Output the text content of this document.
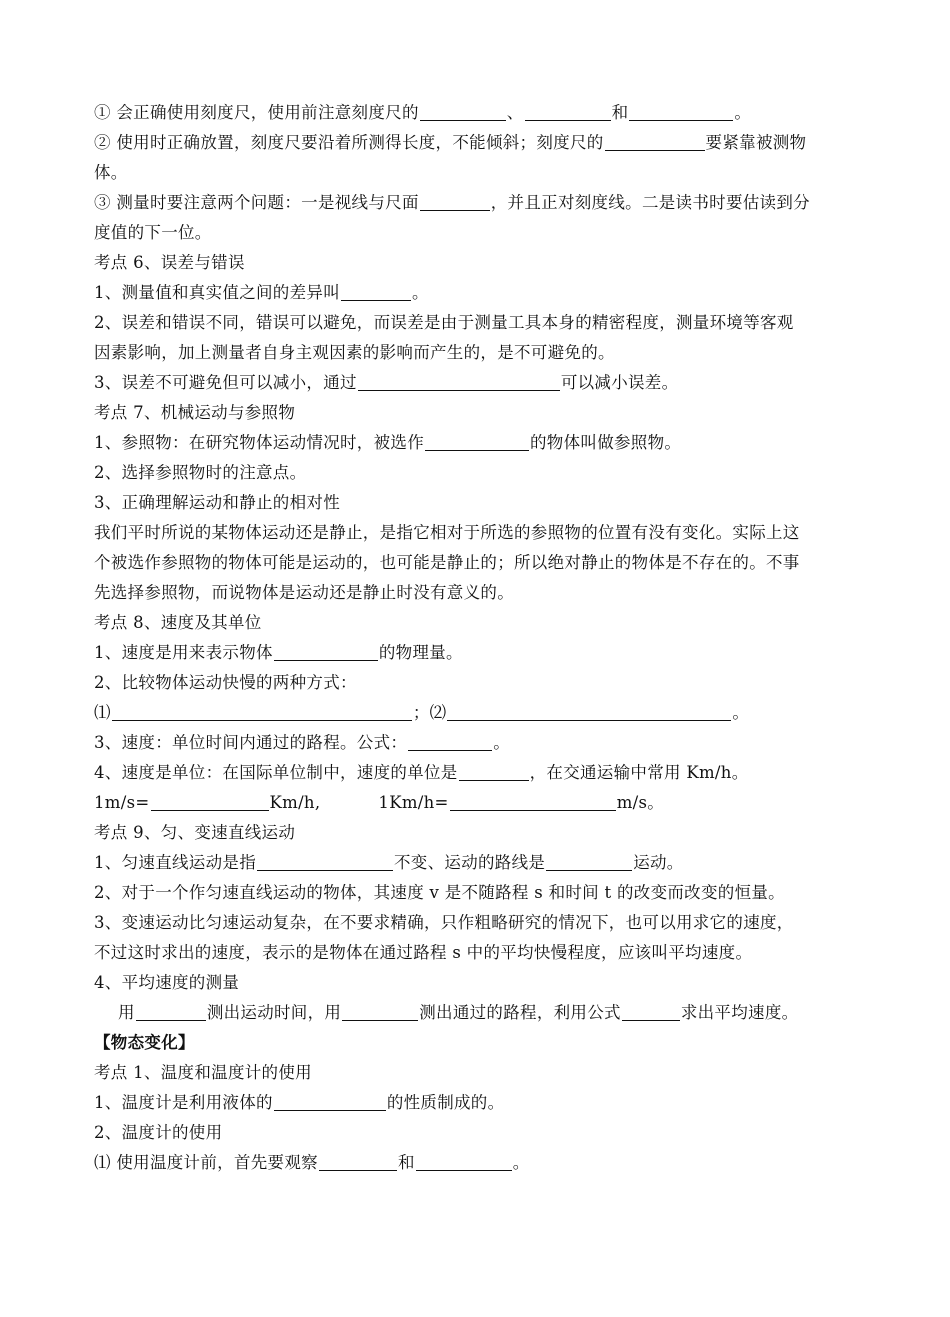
① 会正确使用刻度尺，使用前注意刻度尺的	、	和	。
② 使用时正确放置，刻度尺要沿着所测得长度，不能倾斜；刻度尺的	要紧靠被测物
体。
③ 测量时要注意两个问题：一是视线与尺面	，并且正对刻度线。二是读书时要估读到分
度值的下一位。
考点 6、误差与错误
1、测量值和真实值之间的差异叫	。
2、误差和错误不同，错误可以避免，而误差是由于测量工具本身的精密程度，测量环境等客观
因素影响，加上测量者自身主观因素的影响而产生的，是不可避免的。
3、误差不可避免但可以减小，通过	可以减小误差。
考点 7、机械运动与参照物
1、参照物：在研究物体运动情况时，被选作	的物体叫做参照物。
2、选择参照物时的注意点。
3、正确理解运动和静止的相对性
我们平时所说的某物体运动还是静止，是指它相对于所选的参照物的位置有没有变化。实际上这
个被选作参照物的物体可能是运动的，也可能是静止的；所以绝对静止的物体是不存在的。不事
先选择参照物，而说物体是运动还是静止时没有意义的。
考点 8、速度及其单位
1、速度是用来表示物体	的物理量。
2、比较物体运动快慢的两种方式：
⑴	；⑵	。
3、速度：单位时间内通过的路程。公式：	。
4、速度是单位：在国际单位制中，速度的单位是	，在交通运输中常用 Km/h。
1m/s=	Km/h,	1Km/h=	m/s。
考点 9、匀、变速直线运动
1、匀速直线运动是指	不变、运动的路线是	运动。
2、对于一个作匀速直线运动的物体，其速度 v 是不随路程 s 和时间 t 的改变而改变的恒量。
3、变速运动比匀速运动复杂，在不要求精确，只作粗略研究的情况下，也可以用求它的速度，
不过这时求出的速度，表示的是物体在通过路程 s 中的平均快慢程度，应该叫平均速度。
4、平均速度的测量
用	测出运动时间，用	测出通过的路程，利用公式	求出平均速度。
【物态变化】
考点 1、温度和温度计的使用
1、温度计是利用液体的	的性质制成的。
2、温度计的使用
⑴ 使用温度计前，首先要观察	和	。
